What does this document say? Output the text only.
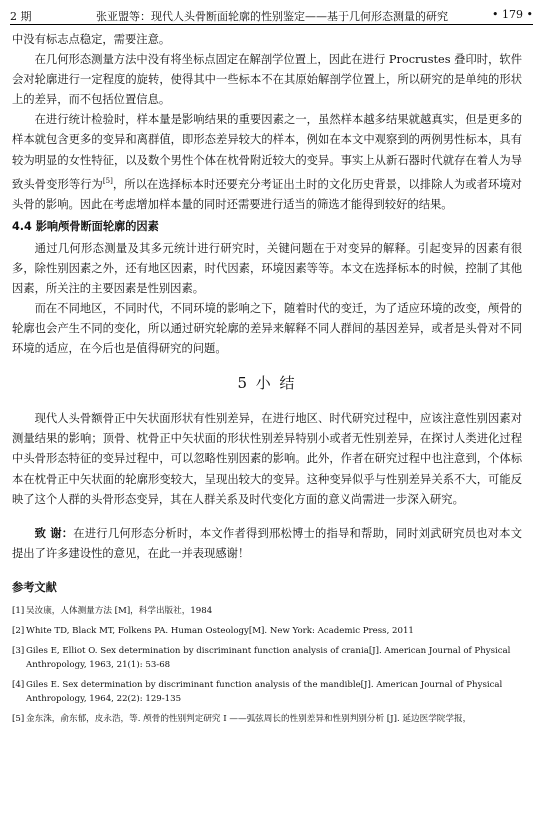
2 期	张亚盟等：现代人头骨断面轮廓的性别鉴定——基于几何形态测量的研究	• 179 •

中没有标志点稳定，需要注意。

在几何形态测量方法中没有将坐标点固定在解剖学位置上，因此在进行 Procrustes 叠印时，软件会对轮廓进行一定程度的旋转，使得其中一些标本不在其原始解剖学位置上，所以研究的是单纯的形状上的差异，而不包括位置信息。

在进行统计检验时，样本量是影响结果的重要因素之一，虽然样本越多结果就越真实，但是更多的样本就包含更多的变异和离群值，即形态差异较大的样本，例如在本文中观察到的两例男性标本，具有较为明显的女性特征，以及数个男性个体在枕骨附近较大的变异。事实上从新石器时代就存在着人为导致头骨变形等行为[5]，所以在选择标本时还要充分考证出土时的文化历史背景，以排除人为或者环境对头骨的影响。因此在考虑增加样本量的同时还需要进行适当的筛选才能得到较好的结果。

4.4 影响颅骨断面轮廓的因素

通过几何形态测量及其多元统计进行研究时，关键问题在于对变异的解释。引起变异的因素有很多，除性别因素之外，还有地区因素，时代因素，环境因素等等。本文在选择标本的时候，控制了其他因素，所关注的主要因素是性别因素。

而在不同地区，不同时代，不同环境的影响之下，随着时代的变迁，为了适应环境的改变，颅骨的轮廓也会产生不同的变化，所以通过研究轮廓的差异来解释不同人群间的基因差异，或者是头骨对不同环境的适应，在今后也是值得研究的问题。

5 小 结

现代人头骨额骨正中矢状面形状有性别差异，在进行地区、时代研究过程中，应该注意性别因素对测量结果的影响；顶骨、枕骨正中矢状面的形状性别差异特别小或者无性别差异，在探讨人类进化过程中头骨形态特征的变异过程中，可以忽略性别因素的影响。此外，作者在研究过程中也注意到，个体标本在枕骨正中矢状面的轮廓形变较大，呈现出较大的变异。这种变异似乎与性别差异关系不大，可能反映了这个人群的头骨形态变异，其在人群关系及时代变化方面的意义尚需进一步深入研究。

致 谢：在进行几何形态分析时，本文作者得到邢松博士的指导和帮助，同时刘武研究员也对本文提出了许多建设性的意见，在此一并表现感谢！

参考文献
[1] 吴汝康，人体测量方法 [M]，科学出版社，1984
[2] White TD, Black MT, Folkens PA. Human Osteology[M]. New York: Academic Press, 2011
[3] Giles E, Elliot O. Sex determination by discriminant function analysis of crania[J]. American Journal of Physical Anthropology, 1963, 21(1): 53-68
[4] Giles E. Sex determination by discriminant function analysis of the mandible[J]. American Journal of Physical Anthropology, 1964, 22(2): 129-135
[5] 金东洙，俞东郁，皮永浩，等. 颅骨的性别判定研究 I ——弧弦周长的性别差异和性别判别分析 [J]. 延边医学院学报，
